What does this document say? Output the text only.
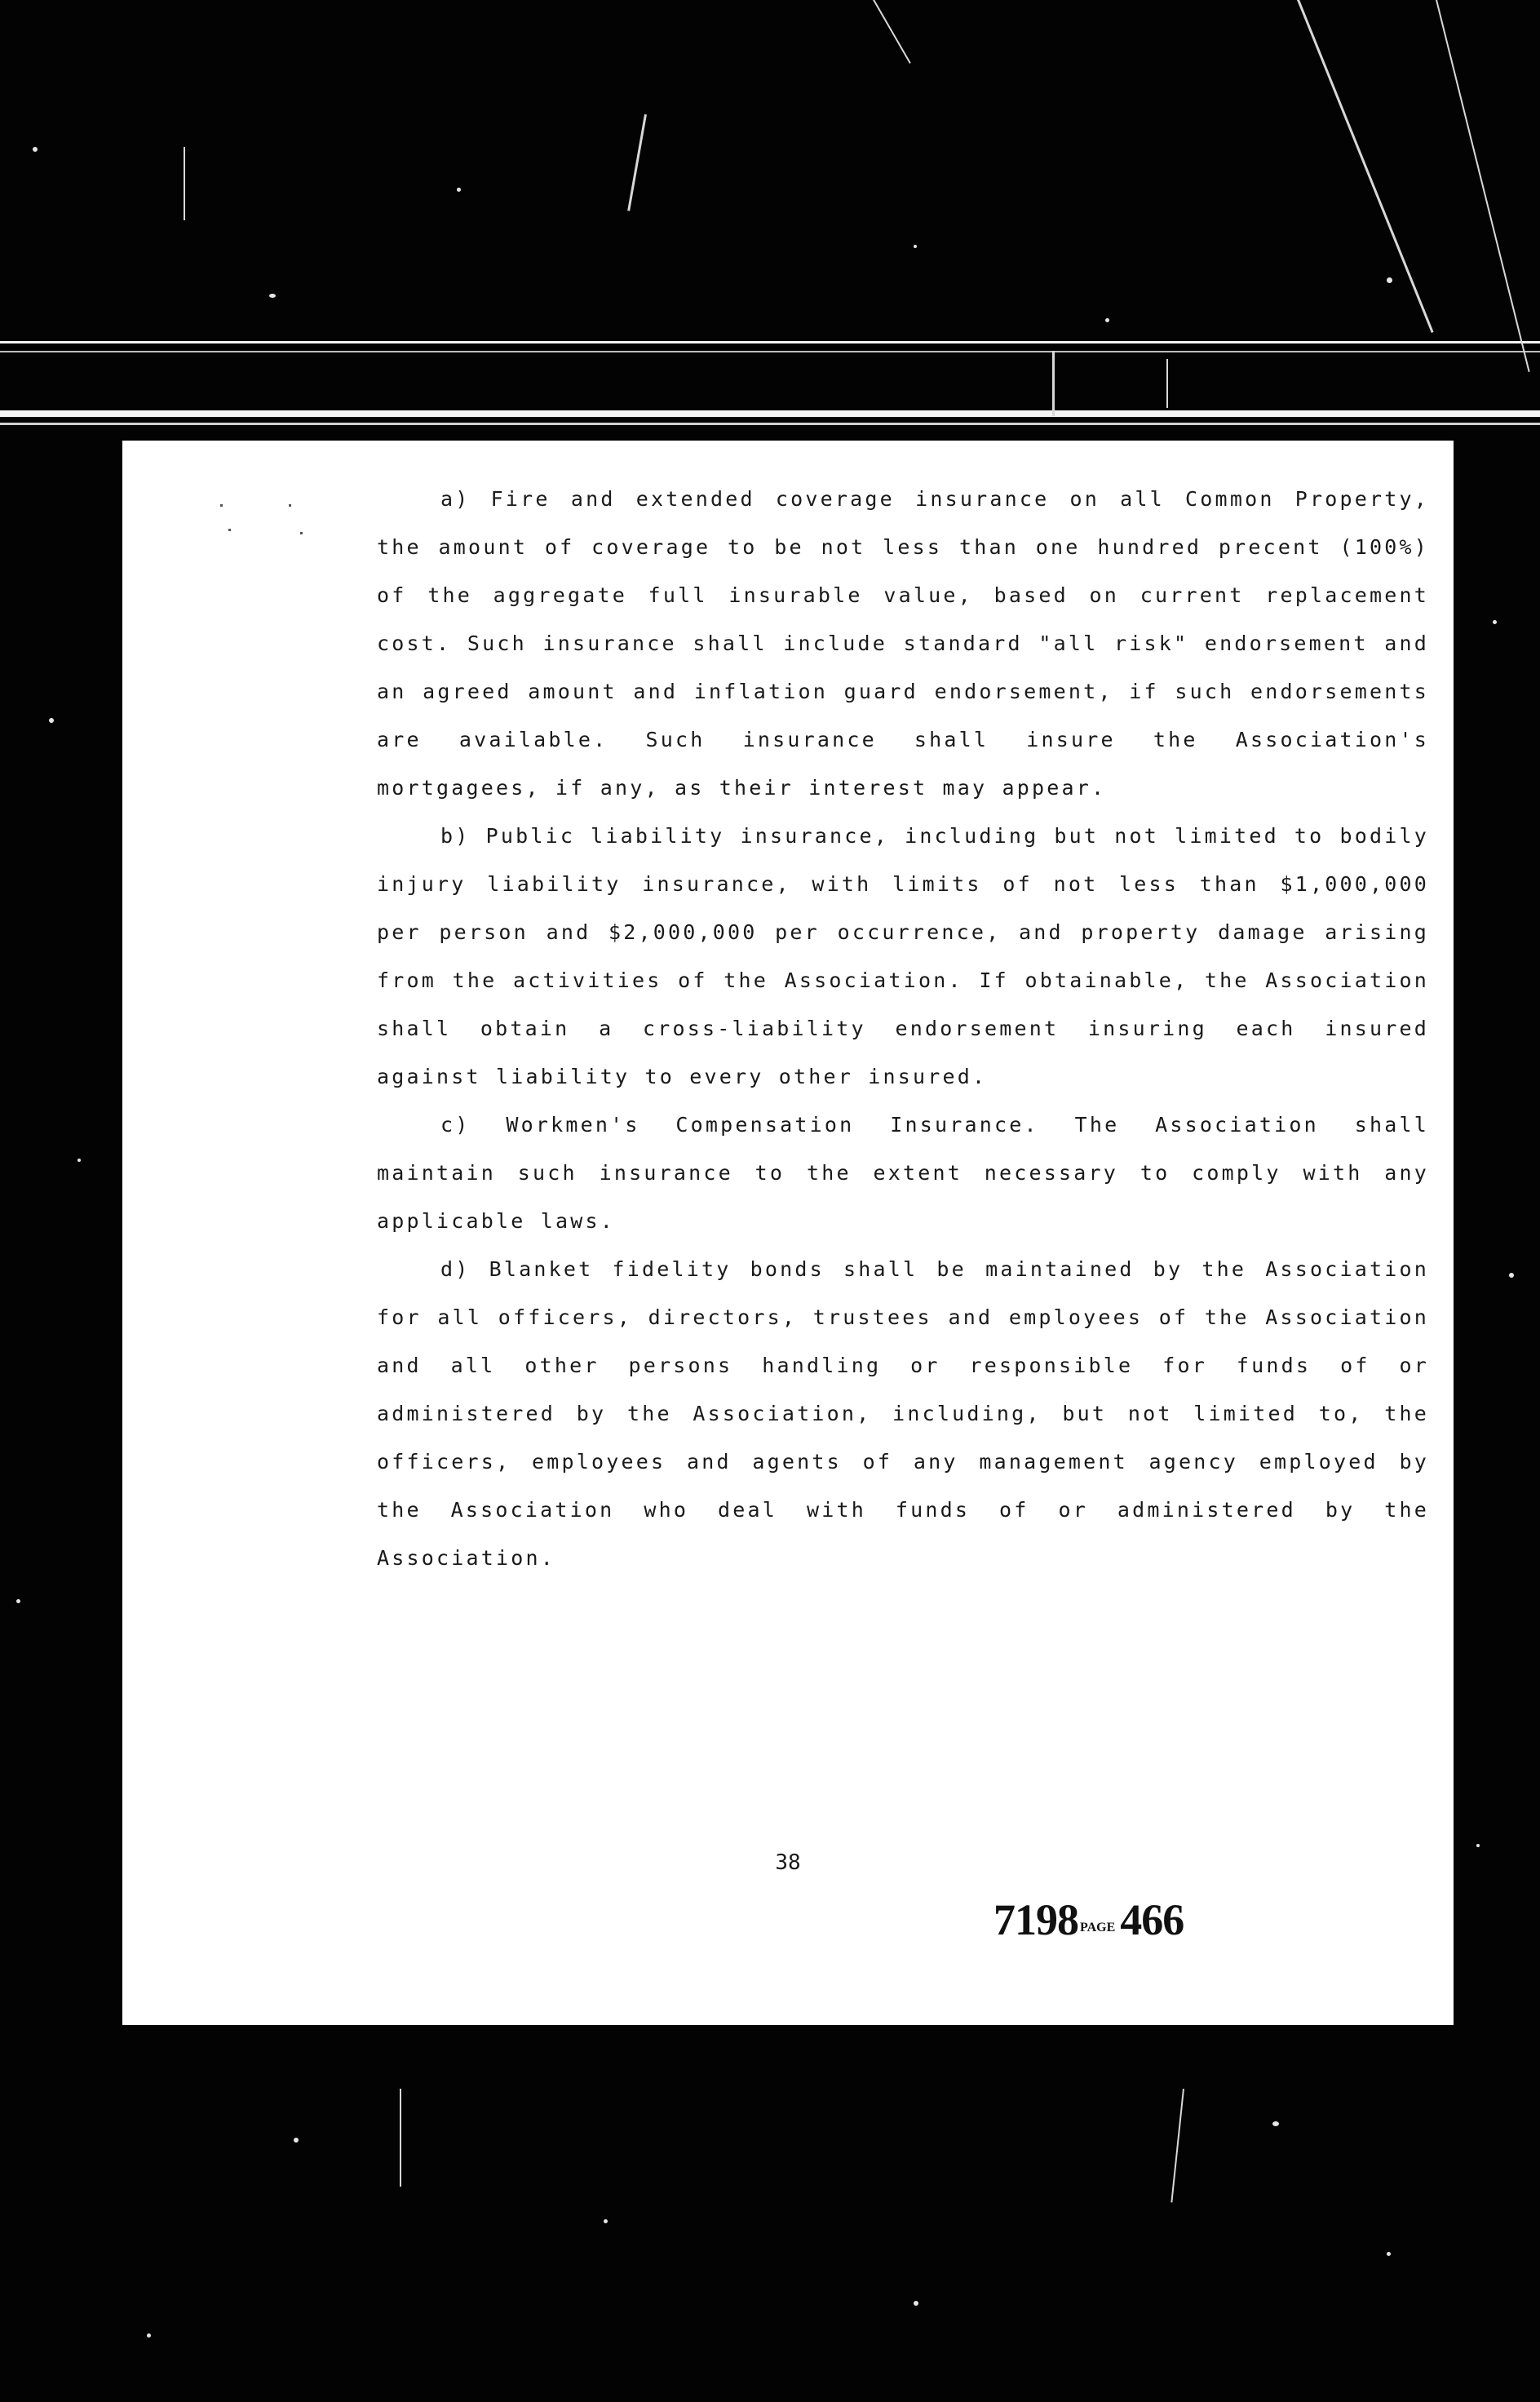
a) Fire and extended coverage insurance on all Common Property, the amount of coverage to be not less than one hundred precent (100%) of the aggregate full insurable value, based on current replacement cost. Such insurance shall include standard "all risk" endorsement and an agreed amount and inflation guard endorsement, if such endorsements are available. Such insurance shall insure the Association's mortgagees, if any, as their interest may appear.

b) Public liability insurance, including but not limited to bodily injury liability insurance, with limits of not less than $1,000,000 per person and $2,000,000 per occurrence, and property damage arising from the activities of the Association. If obtainable, the Association shall obtain a cross-liability endorsement insuring each insured against liability to every other insured.

c) Workmen's Compensation Insurance. The Association shall maintain such insurance to the extent necessary to comply with any applicable laws.

d) Blanket fidelity bonds shall be maintained by the Association for all officers, directors, trustees and employees of the Association and all other persons handling or responsible for funds of or administered by the Association, including, but not limited to, the officers, employees and agents of any management agency employed by the Association who deal with funds of or administered by the Association.

38
7198 PAGE 466
